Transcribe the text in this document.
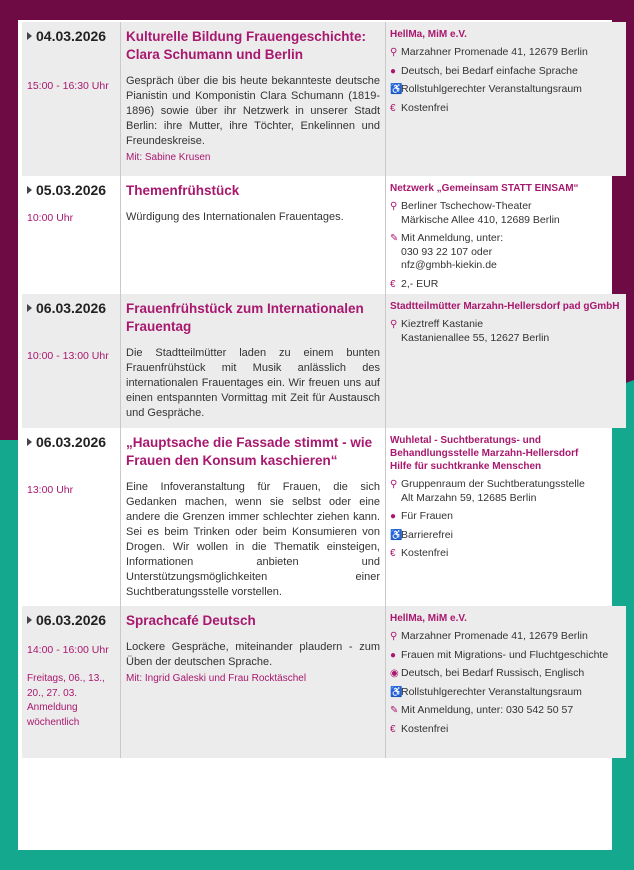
04.03.2026
15:00 - 16:30 Uhr
Kulturelle Bildung Frauengeschichte: Clara Schumann und Berlin
Gespräch über die bis heute bekannteste deutsche Pianistin und Komponistin Clara Schumann (1819-1896) sowie über ihr Netzwerk in unserer Stadt Berlin: ihre Mutter, ihre Töchter, Enkelinnen und Freundeskreise.
Mit: Sabine Krusen
HellMa, MiM e.V.
⚲ Marzahner Promenade 41, 12679 Berlin
● Deutsch, bei Bedarf einfache Sprache
♿
Rollstuhlgerechter Veranstaltungsraum
€ Kostenfrei
05.03.2026
10:00 Uhr
Themenfrühstück
Würdigung des Internationalen Frauentages.
Netzwerk „Gemeinsam STATT EINSAM“
⚲ Berliner Tschechow-Theater
Märkische Allee 410, 12689 Berlin
✎ Mit Anmeldung, unter:
030 93 22 107 oder
nfz@gmbh-kiekin.de
€ 2,- EUR
06.03.2026
10:00 - 13:00 Uhr
Frauenfrühstück zum Internationalen Frauentag
Die Stadtteilmütter laden zu einem bunten Frauenfrühstück mit Musik anlässlich des internationalen Frauentages ein. Wir freuen uns auf einen entspannten Vormittag mit Zeit für Austausch und Gespräche.
Stadtteilmütter Marzahn-Hellersdorf pad gGmbH
⚲ Kieztreff Kastanie
Kastanienallee 55, 12627 Berlin
06.03.2026
13:00 Uhr
„Hauptsache die Fassade stimmt - wie Frauen den Konsum kaschieren“
Eine Infoveranstaltung für Frauen, die sich Gedanken machen, wenn sie selbst oder eine andere die Grenzen immer schlechter ziehen kann. Sei es beim Trinken oder beim Konsumieren von Drogen. Wir wollen in die Thematik einsteigen, Informationen anbieten und Unterstützungsmöglichkeiten einer Suchtberatungsstelle vorstellen.
Wuhletal - Suchtberatungs- und Behandlungsstelle Marzahn-Hellersdorf
Hilfe für suchtkranke Menschen
⚲ Gruppenraum der Suchtberatungsstelle
Alt Marzahn 59, 12685 Berlin
● Für Frauen
♿
Barrierefrei
€ Kostenfrei
06.03.2026
14:00 - 16:00 Uhr
Freitags, 06., 13.,
20., 27. 03.
Anmeldung
wöchentlich
Sprachcafé Deutsch
Lockere Gespräche, miteinander plaudern - zum Üben der deutschen Sprache.
Mit: Ingrid Galeski und Frau Rocktäschel
HellMa, MiM e.V.
⚲ Marzahner Promenade 41, 12679 Berlin
● Frauen mit Migrations- und Fluchtgeschichte
◉ Deutsch, bei Bedarf Russisch, Englisch
♿
Rollstuhlgerechter Veranstaltungsraum
✎ Mit Anmeldung, unter: 030 542 50 57
€ Kostenfrei
